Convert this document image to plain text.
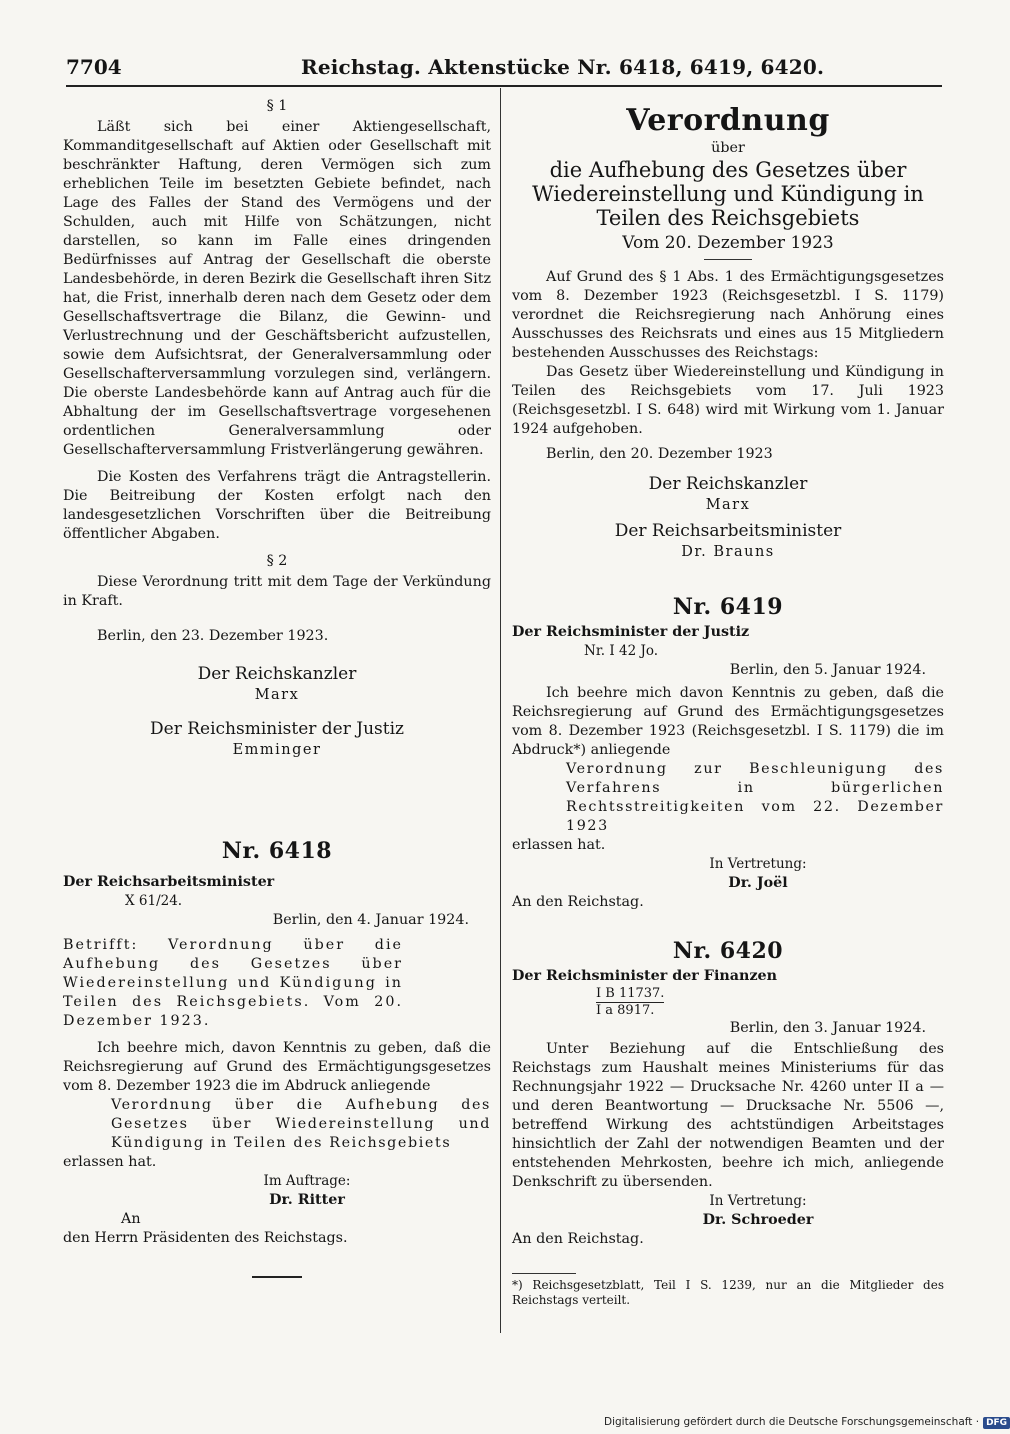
7704	Reichstag. Aktenstücke Nr. 6418, 6419, 6420.

§ 1

Läßt sich bei einer Aktiengesellschaft, Kommanditgesellschaft auf Aktien oder Gesellschaft mit beschränkter Haftung, deren Vermögen sich zum erheblichen Teile im besetzten Gebiete befindet, nach Lage des Falles der Stand des Vermögens und der Schulden, auch mit Hilfe von Schätzungen, nicht darstellen, so kann im Falle eines dringenden Bedürfnisses auf Antrag der Gesellschaft die oberste Landesbehörde, in deren Bezirk die Gesellschaft ihren Sitz hat, die Frist, innerhalb deren nach dem Gesetz oder dem Gesellschaftsvertrage die Bilanz, die Gewinn- und Verlustrechnung und der Geschäftsbericht aufzustellen, sowie dem Aufsichtsrat, der Generalversammlung oder Gesellschafterversammlung vorzulegen sind, verlängern. Die oberste Landesbehörde kann auf Antrag auch für die Abhaltung der im Gesellschaftsvertrage vorgesehenen ordentlichen Generalversammlung oder Gesellschafterversammlung Fristverlängerung gewähren.

Die Kosten des Verfahrens trägt die Antragstellerin. Die Beitreibung der Kosten erfolgt nach den landesgesetzlichen Vorschriften über die Beitreibung öffentlicher Abgaben.

§ 2

Diese Verordnung tritt mit dem Tage der Verkündung in Kraft.

Berlin, den 23. Dezember 1923.

Der Reichskanzler

Marx

Der Reichsminister der Justiz

Emminger

Nr. 6418

Der Reichsarbeitsminister

X 61/24.

Berlin, den 4. Januar 1924.

Betrifft: Verordnung über die Aufhebung des Gesetzes über Wiedereinstellung und Kündigung in Teilen des Reichsgebiets. Vom 20. Dezember 1923.

Ich beehre mich, davon Kenntnis zu geben, daß die Reichsregierung auf Grund des Ermächtigungsgesetzes vom 8. Dezember 1923 die im Abdruck anliegende

Verordnung über die Aufhebung des Gesetzes über Wiedereinstellung und Kündigung in Teilen des Reichsgebiets

erlassen hat.

Im Auftrage:

Dr. Ritter

An

den Herrn Präsidenten des Reichstags.

Verordnung

über

die Aufhebung des Gesetzes über Wiedereinstellung und Kündigung in Teilen des Reichsgebiets

Vom 20. Dezember 1923

Auf Grund des § 1 Abs. 1 des Ermächtigungsgesetzes vom 8. Dezember 1923 (Reichsgesetzbl. I S. 1179) verordnet die Reichsregierung nach Anhörung eines Ausschusses des Reichsrats und eines aus 15 Mitgliedern bestehenden Ausschusses des Reichstags:

Das Gesetz über Wiedereinstellung und Kündigung in Teilen des Reichsgebiets vom 17. Juli 1923 (Reichsgesetzbl. I S. 648) wird mit Wirkung vom 1. Januar 1924 aufgehoben.

Berlin, den 20. Dezember 1923

Der Reichskanzler

Marx

Der Reichsarbeitsminister

Dr. Brauns

Nr. 6419

Der Reichsminister der Justiz

Nr. I 42 Jo.

Berlin, den 5. Januar 1924.

Ich beehre mich davon Kenntnis zu geben, daß die Reichsregierung auf Grund des Ermächtigungsgesetzes vom 8. Dezember 1923 (Reichsgesetzbl. I S. 1179) die im Abdruck*) anliegende

Verordnung zur Beschleunigung des Verfahrens in bürgerlichen Rechtsstreitigkeiten vom 22. Dezember 1923

erlassen hat.

In Vertretung:

Dr. Joël

An den Reichstag.

Nr. 6420

Der Reichsminister der Finanzen

$\frac{\text{I B 11737.}}{\text{I a 8917.}}$

Berlin, den 3. Januar 1924.

Unter Beziehung auf die Entschließung des Reichstags zum Haushalt meines Ministeriums für das Rechnungsjahr 1922 — Drucksache Nr. 4260 unter II a — und deren Beantwortung — Drucksache Nr. 5506 —, betreffend Wirkung des achtstündigen Arbeitstages hinsichtlich der Zahl der notwendigen Beamten und der entstehenden Mehrkosten, beehre ich mich, anliegende Denkschrift zu übersenden.

In Vertretung:

Dr. Schroeder

An den Reichstag.

*) Reichsgesetzblatt, Teil I S. 1239, nur an die Mitglieder des Reichstags verteilt.

Digitalisierung gefördert durch die Deutsche Forschungsgemeinschaft · DFG
